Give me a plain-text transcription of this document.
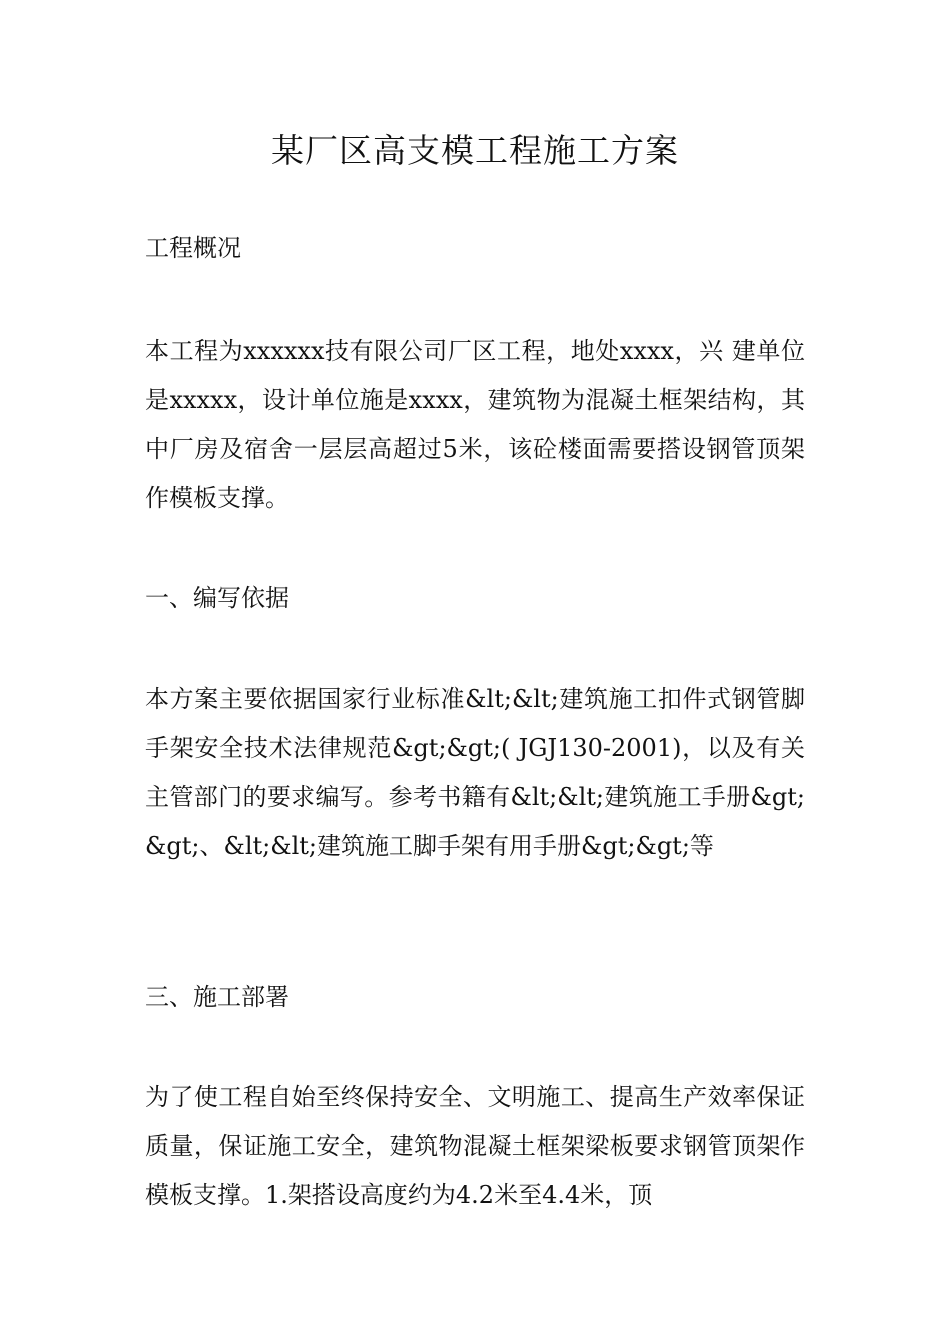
某厂区高支模工程施工方案
工程概况

本工程为xxxxxx技有限公司厂区工程，地处xxxx，兴 建单位是xxxxx，设计单位施是xxxx，建筑物为混凝土框架结构，其中厂房及宿舍一层层高超过5米，该砼楼面需要搭设钢管顶架作模板支撑。

一、编写依据

本方案主要依据国家行业标准&lt;&lt;建筑施工扣件式钢管脚手架安全技术法律规范&gt;&gt;( JGJ130-2001)，以及有关主管部门的要求编写。参考书籍有&lt;&lt;建筑施工手册&gt;&gt;、&lt;&lt;建筑施工脚手架有用手册&gt;&gt;等

三、施工部署

为了使工程自始至终保持安全、文明施工、提高生产效率保证质量，保证施工安全，建筑物混凝土框架梁板要求钢管顶架作模板支撑。1.架搭设高度约为4.2米至4.4米，顶
